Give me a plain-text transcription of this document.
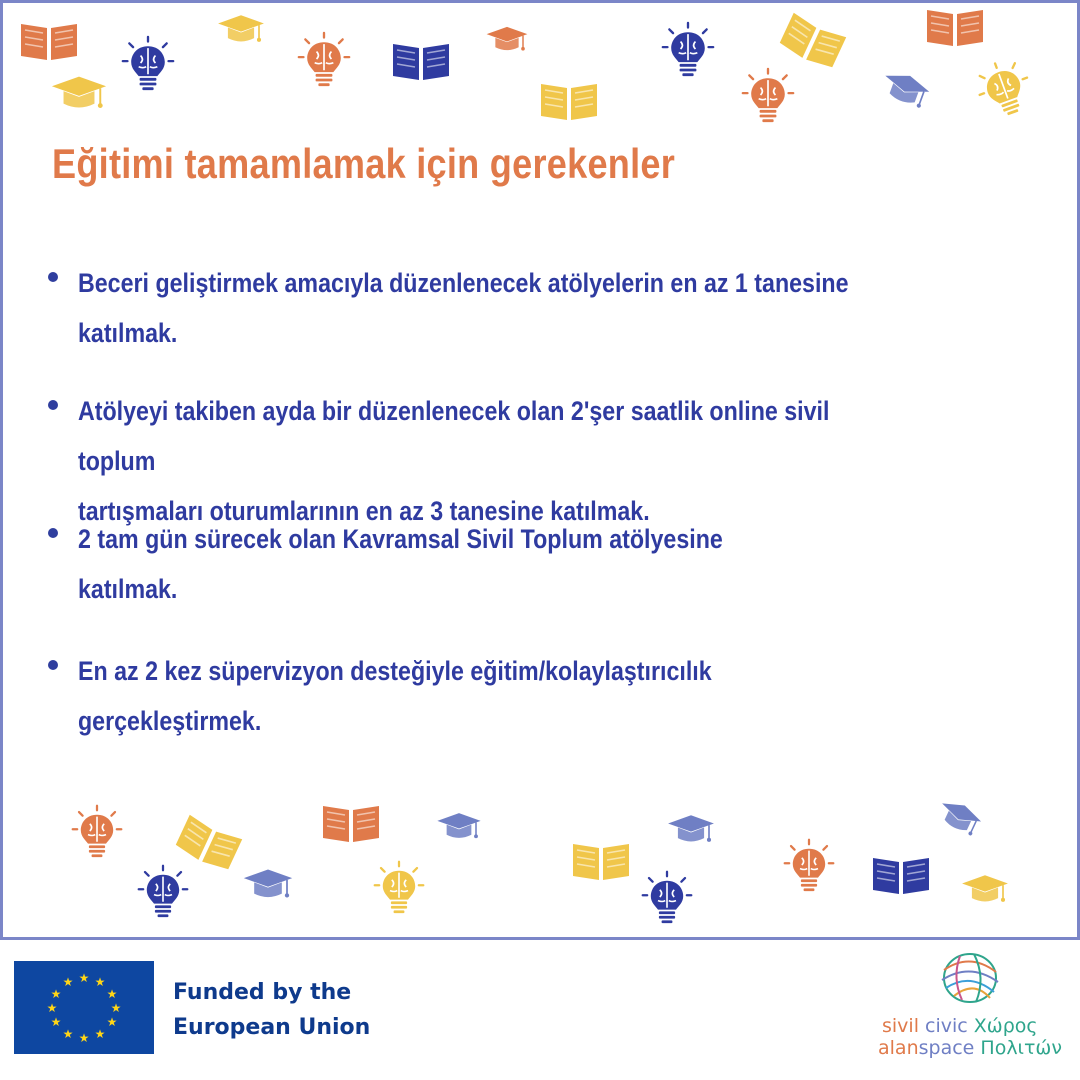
Eğitimi tamamlamak için gerekenler
Beceri geliştirmek amacıyla düzenlenecek atölyelerin en az 1 tanesine
katılmak.
Atölyeyi takiben ayda bir düzenlenecek olan 2'şer saatlik online sivil toplum
tartışmaları oturumlarının en az 3 tanesine katılmak.
2 tam gün sürecek olan Kavramsal Sivil Toplum atölyesine
katılmak.
En az 2 kez süpervizyon desteğiyle eğitim/kolaylaştırıcılık
gerçekleştirmek.
★ ★
★
★
★
★
★
★
★
★
★
★	Funded by the
European Union	sivil civic Χώρος
alanspace Πολιτών
